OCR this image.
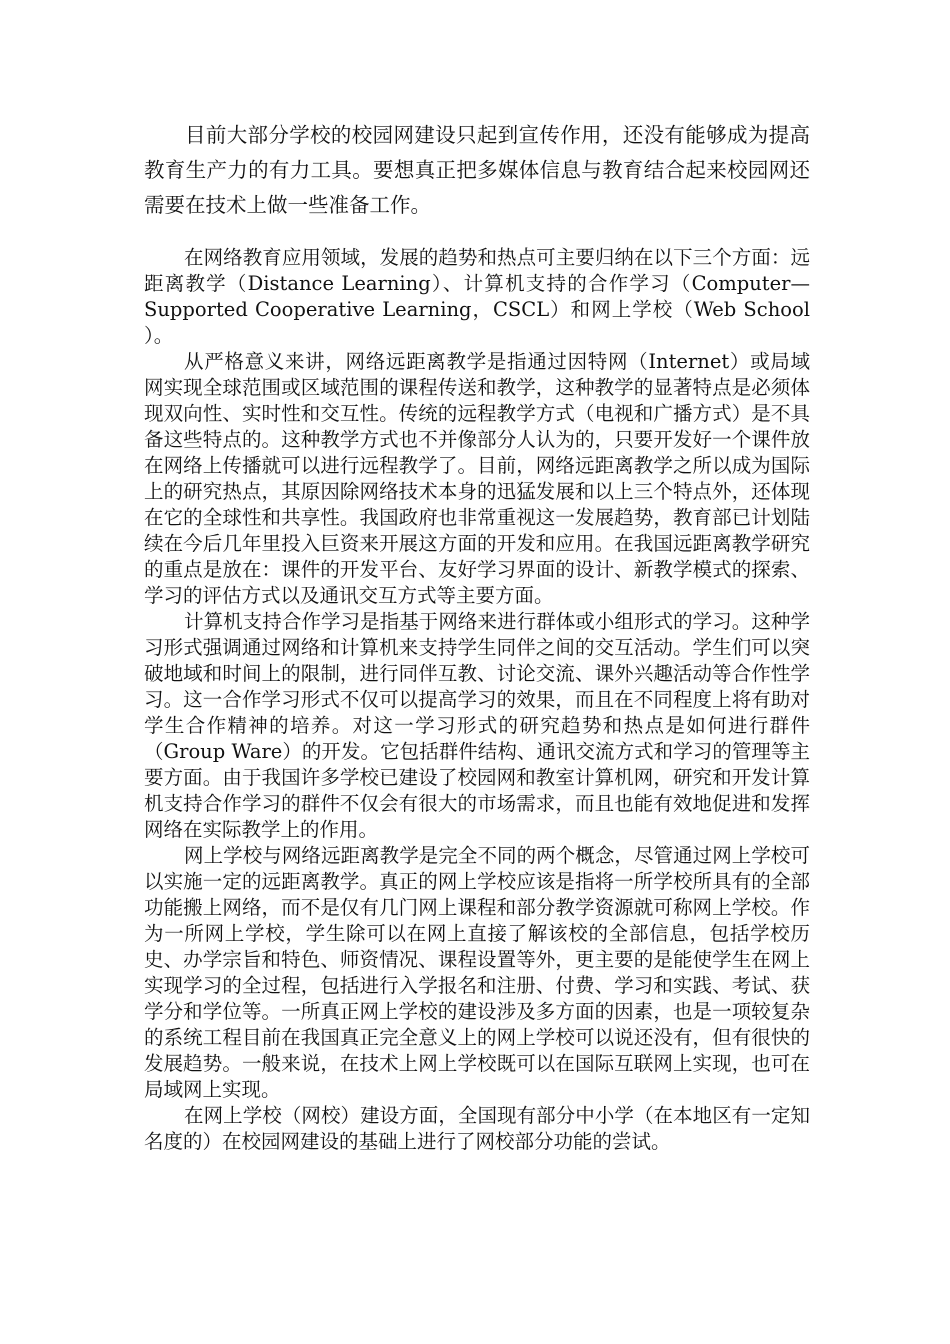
目前大部分学校的校园网建设只起到宣传作用，还没有能够成为提高教育生产力的有力工具。要想真正把多媒体信息与教育结合起来校园网还需要在技术上做一些准备工作。

在网络教育应用领域，发展的趋势和热点可主要归纳在以下三个方面：远距离教学（Distance Learning）、计算机支持的合作学习（Computer—Supported Cooperative Learning，CSCL）和网上学校（Web School ）。

从严格意义来讲，网络远距离教学是指通过因特网（Internet）或局域网实现全球范围或区域范围的课程传送和教学，这种教学的显著特点是必须体现双向性、实时性和交互性。传统的远程教学方式（电视和广播方式）是不具备这些特点的。这种教学方式也不并像部分人认为的，只要开发好一个课件放在网络上传播就可以进行远程教学了。目前，网络远距离教学之所以成为国际上的研究热点，其原因除网络技术本身的迅猛发展和以上三个特点外，还体现在它的全球性和共享性。我国政府也非常重视这一发展趋势，教育部已计划陆续在今后几年里投入巨资来开展这方面的开发和应用。在我国远距离教学研究的重点是放在：课件的开发平台、友好学习界面的设计、新教学模式的探索、学习的评估方式以及通讯交互方式等主要方面。

计算机支持合作学习是指基于网络来进行群体或小组形式的学习。这种学习形式强调通过网络和计算机来支持学生同伴之间的交互活动。学生们可以突破地域和时间上的限制，进行同伴互教、讨论交流、课外兴趣活动等合作性学习。这一合作学习形式不仅可以提高学习的效果，而且在不同程度上将有助对学生合作精神的培养。对这一学习形式的研究趋势和热点是如何进行群件（Group Ware）的开发。它包括群件结构、通讯交流方式和学习的管理等主要方面。由于我国许多学校已建设了校园网和教室计算机网，研究和开发计算机支持合作学习的群件不仅会有很大的市场需求，而且也能有效地促进和发挥网络在实际教学上的作用。

网上学校与网络远距离教学是完全不同的两个概念，尽管通过网上学校可以实施一定的远距离教学。真正的网上学校应该是指将一所学校所具有的全部功能搬上网络，而不是仅有几门网上课程和部分教学资源就可称网上学校。作为一所网上学校，学生除可以在网上直接了解该校的全部信息，包括学校历史、办学宗旨和特色、师资情况、课程设置等外，更主要的是能使学生在网上实现学习的全过程，包括进行入学报名和注册、付费、学习和实践、考试、获学分和学位等。一所真正网上学校的建设涉及多方面的因素，也是一项较复杂的系统工程目前在我国真正完全意义上的网上学校可以说还没有，但有很快的发展趋势。一般来说，在技术上网上学校既可以在国际互联网上实现，也可在局域网上实现。

在网上学校（网校）建设方面，全国现有部分中小学（在本地区有一定知名度的）在校园网建设的基础上进行了网校部分功能的尝试。
